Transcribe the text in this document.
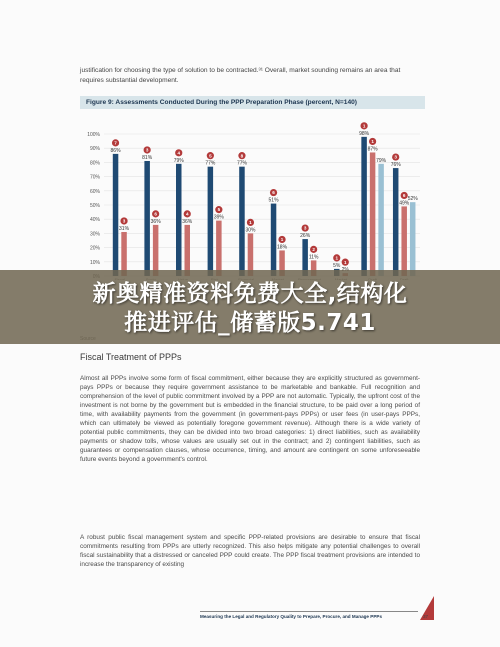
justification for choosing the type of solution to be contracted.³¹ Overall, market sounding remains an area that requires substantial development.
Figure 9: Assessments Conducted During the PPP Preparation Phase (percent, N=140)
10%
20%
30%
40%
50%
60%
70%
80%
90%
100%
86%
7
31%
3
81%
3
36%
6
79%
4
36%
4
77%
5
39%
5
77%
8
30%
1
51%
6
18%
1
26%
3
11%
2
5%
1
1
98%
1
87%
1
79%
76%
3
49%
6
52%
Fiscal Treatment of PPPs
Almost all PPPs involve some form of fiscal commitment, either because they are explicitly structured as government-pays PPPs or because they require government assistance to be marketable and bankable. Full recognition and comprehension of the level of public commitment involved by a PPP are not automatic. Typically, the upfront cost of the investment is not borne by the government but is embedded in the financial structure, to be paid over a long period of time, with availability payments from the government (in government-pays PPPs) or user fees (in user-pays PPPs, which can ultimately be viewed as potentially foregone government revenue). Although there is a wide variety of potential public commitments, they can be divided into two broad categories: 1) direct liabilities, such as availability payments or shadow tolls, whose values are usually set out in the contract; and 2) contingent liabilities, such as guarantees or compensation clauses, whose occurrence, timing, and amount are contingent on some unforeseeable future events beyond a government's control.
A robust public fiscal management system and specific PPP-related provisions are desirable to ensure that fiscal commitments resulting from PPPs are utterly recognized. This also helps mitigate any potential challenges to overall fiscal sustainability that a distressed or canceled PPP could create. The PPP fiscal treatment provisions are intended to increase the transparency of existing
Measuring the Legal and Regulatory Quality to Prepare, Procure, and Manage PPPs	37
新奥精准资料免费大全,结构化
推进评估_储蓄版5.741
